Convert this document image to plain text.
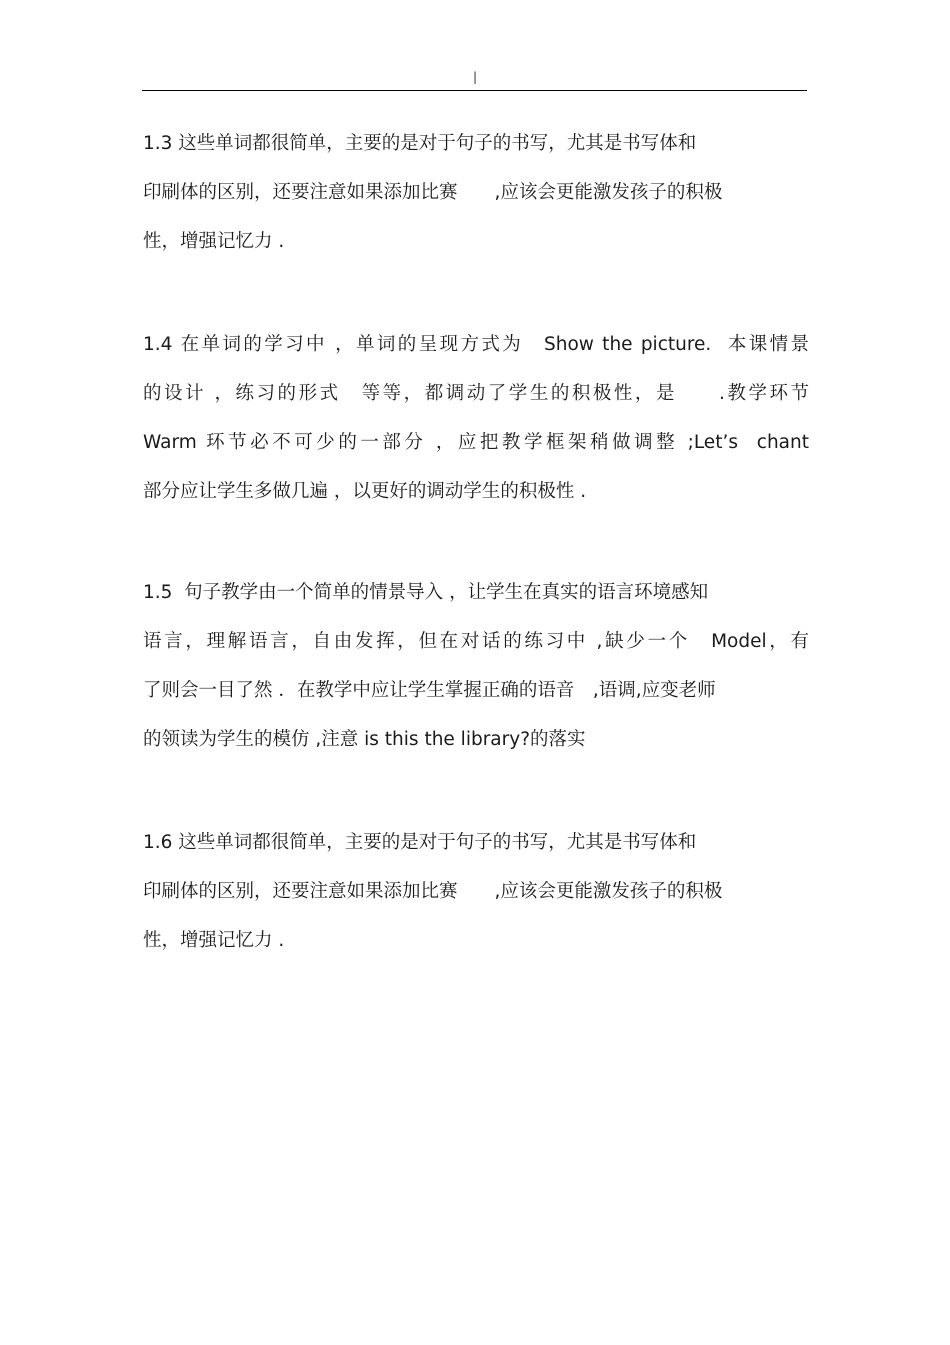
|
1.3 这些单词都很简单，主要的是对于句子的书写，尤其是书写体和
印刷体的区别，还要注意如果添加比赛　　,应该会更能激发孩子的积极
性，增强记忆力 .
1.4 在单词的学习中 ，单词的呈现方式为　Show the picture.  本课情景
的设计 ，练习的形式　等等，都调动了学生的积极性，是　　.教学环节
Warm 环节必不可少的一部分 ，应把教学框架稍做调整 ;Let’s  chant
部分应让学生多做几遍 ，以更好的调动学生的积极性 .
1.5  句子教学由一个简单的情景导入 ，让学生在真实的语言环境感知
语言，理解语言，自由发挥，但在对话的练习中 ,缺少一个　Model，有
了则会一目了然 ．在教学中应让学生掌握正确的语音　,语调,应变老师
的领读为学生的模仿 ,注意 is this the library?的落实
1.6 这些单词都很简单，主要的是对于句子的书写，尤其是书写体和
印刷体的区别，还要注意如果添加比赛　　,应该会更能激发孩子的积极
性，增强记忆力 .
